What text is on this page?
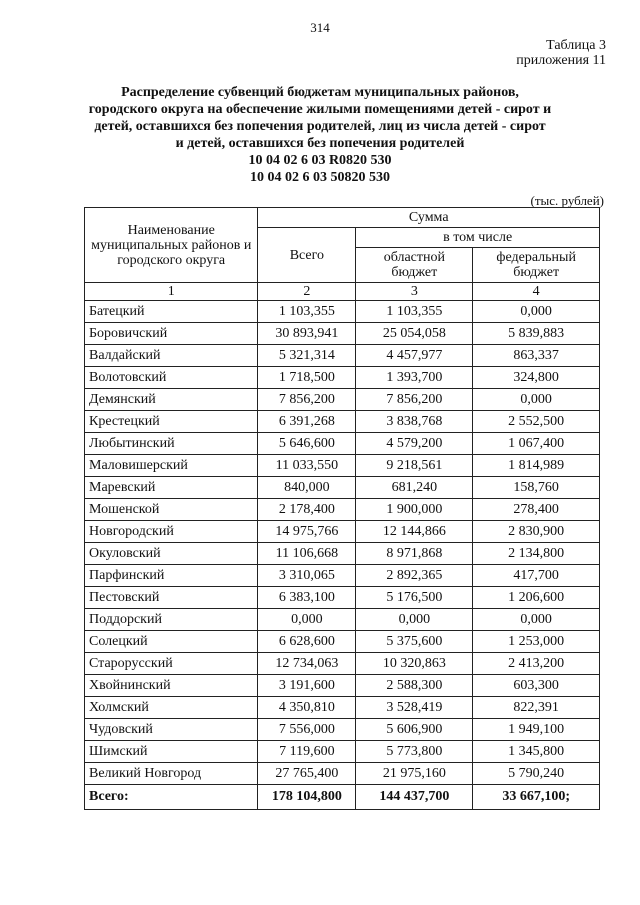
314
Таблица 3
приложения 11
Распределение субвенций бюджетам муниципальных районов,
городского округа на обеспечение жилыми помещениями детей - сирот и
детей, оставшихся без попечения родителей, лиц из числа детей - сирот
и детей, оставшихся без попечения родителей
10 04 02 6 03 R0820 530
10 04 02 6 03 50820 530
(тыс. рублей)
Наименование муниципальных районов и городского округа	Сумма		
	Всего	в том числе	
		областной бюджет	федеральный бюджет
1	2	3	4
Батецкий	1 103,355	1 103,355	0,000
Боровичский	30 893,941	25 054,058	5 839,883
Валдайский	5 321,314	4 457,977	863,337
Волотовский	1 718,500	1 393,700	324,800
Демянский	7 856,200	7 856,200	0,000
Крестецкий	6 391,268	3 838,768	2 552,500
Любытинский	5 646,600	4 579,200	1 067,400
Маловишерский	11 033,550	9 218,561	1 814,989
Маревский	840,000	681,240	158,760
Мошенской	2 178,400	1 900,000	278,400
Новгородский	14 975,766	12 144,866	2 830,900
Окуловский	11 106,668	8 971,868	2 134,800
Парфинский	3 310,065	2 892,365	417,700
Пестовский	6 383,100	5 176,500	1 206,600
Поддорский	0,000	0,000	0,000
Солецкий	6 628,600	5 375,600	1 253,000
Старорусский	12 734,063	10 320,863	2 413,200
Хвойнинский	3 191,600	2 588,300	603,300
Холмский	4 350,810	3 528,419	822,391
Чудовский	7 556,000	5 606,900	1 949,100
Шимский	7 119,600	5 773,800	1 345,800
Великий Новгород	27 765,400	21 975,160	5 790,240
Всего:	178 104,800	144 437,700	33 667,100;
